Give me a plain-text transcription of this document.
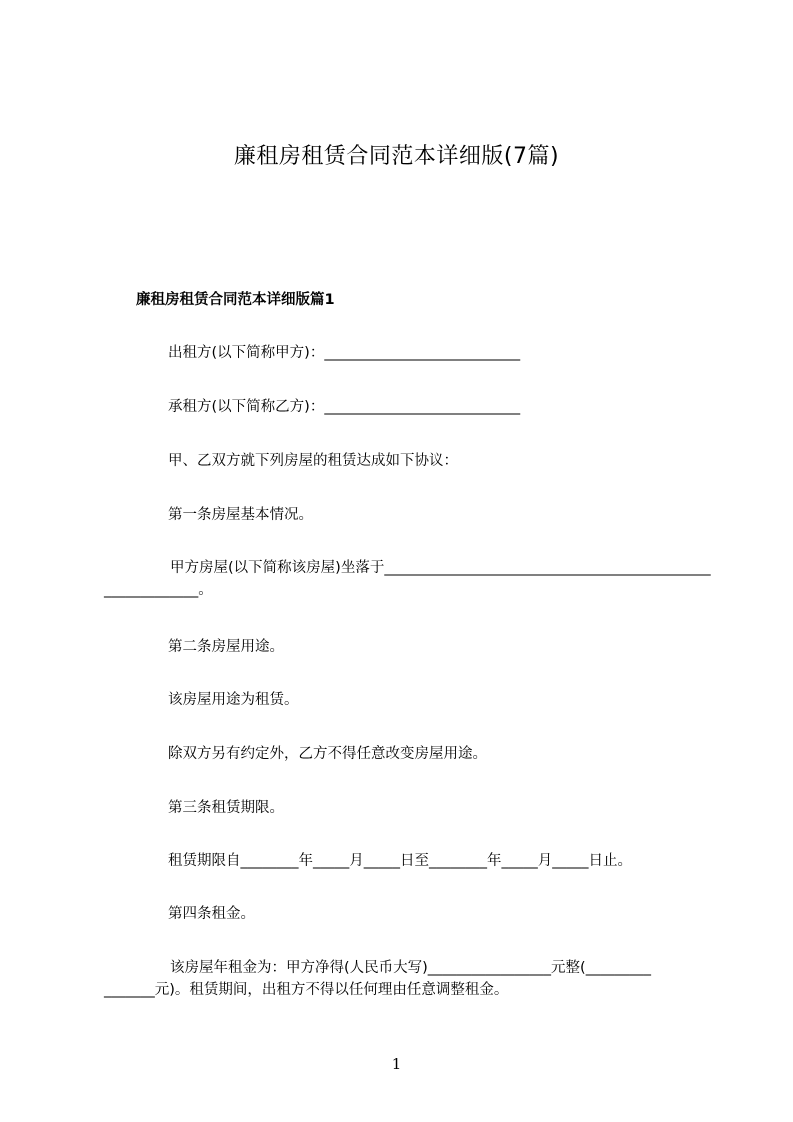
廉租房租赁合同范本详细版(7篇)
廉租房租赁合同范本详细版篇1
出租方(以下简称甲方)：___________________________
承租方(以下简称乙方)：___________________________
甲、乙双方就下列房屋的租赁达成如下协议：
第一条房屋基本情况。
甲方房屋(以下简称该房屋)坐落于_____________________________________________
_____________。
第二条房屋用途。
该房屋用途为租赁。
除双方另有约定外，乙方不得任意改变房屋用途。
第三条租赁期限。
租赁期限自________年_____月_____日至________年_____月_____日止。
第四条租金。
该房屋年租金为：甲方净得(人民币大写)_________________元整(_________
_______元)。租赁期间，出租方不得以任何理由任意调整租金。
1
